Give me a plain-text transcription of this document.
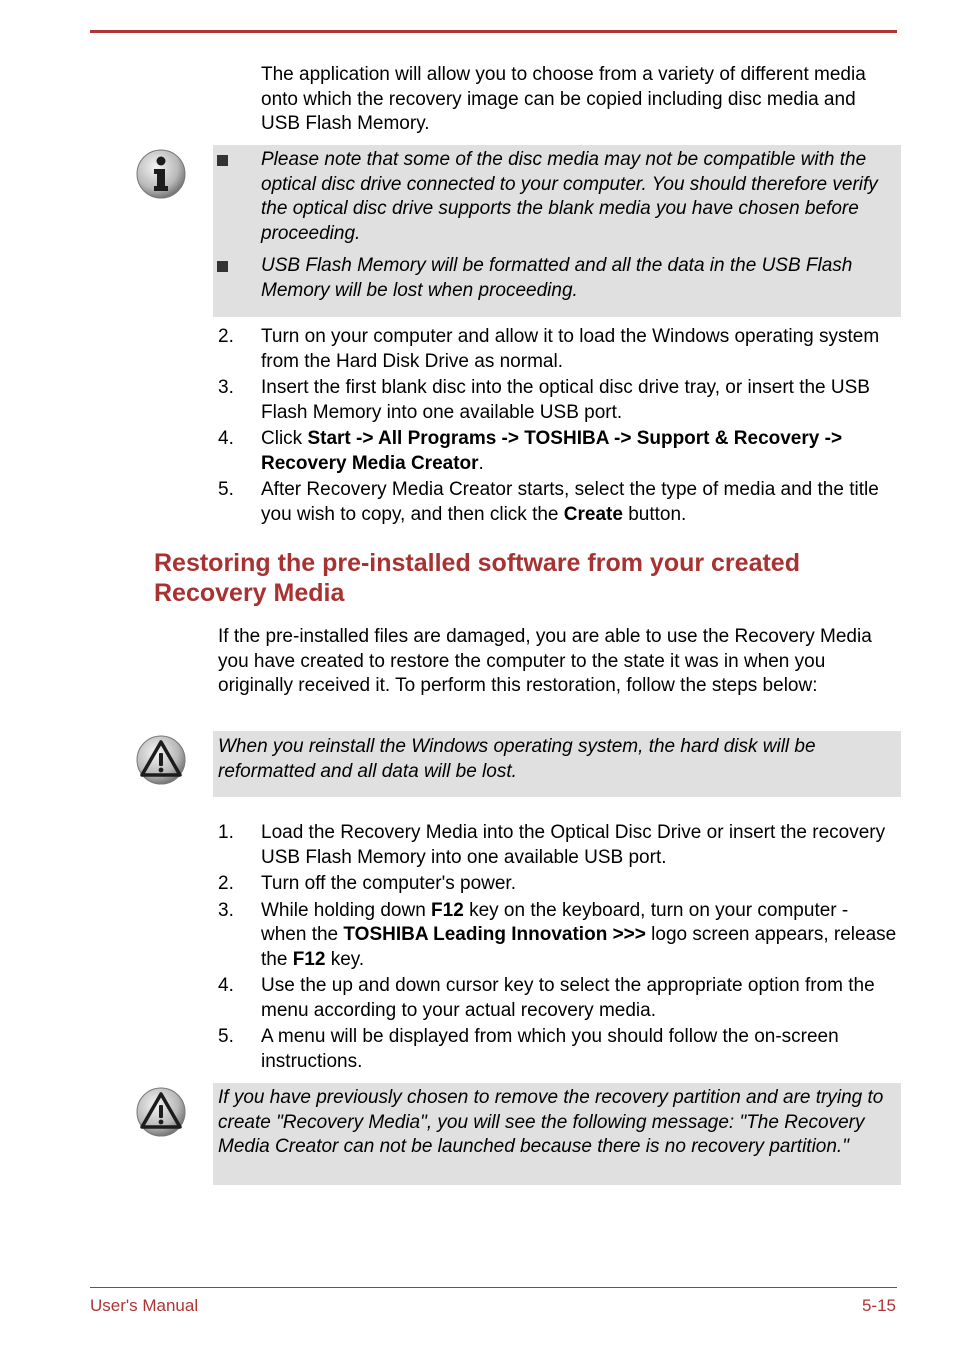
The application will allow you to choose from a variety of different media onto which the recovery image can be copied including disc media and USB Flash Memory.

Please note that some of the disc media may not be compatible with the optical disc drive connected to your computer. You should therefore verify the optical disc drive supports the blank media you have chosen before proceeding.

USB Flash Memory will be formatted and all the data in the USB Flash Memory will be lost when proceeding.

2. Turn on your computer and allow it to load the Windows operating system from the Hard Disk Drive as normal.
3. Insert the first blank disc into the optical disc drive tray, or insert the USB Flash Memory into one available USB port.
4. Click Start -> All Programs -> TOSHIBA -> Support & Recovery -> Recovery Media Creator.
5. After Recovery Media Creator starts, select the type of media and the title you wish to copy, and then click the Create button.
Restoring the pre-installed software from your created Recovery Media

If the pre-installed files are damaged, you are able to use the Recovery Media you have created to restore the computer to the state it was in when you originally received it. To perform this restoration, follow the steps below:

When you reinstall the Windows operating system, the hard disk will be reformatted and all data will be lost.

1. Load the Recovery Media into the Optical Disc Drive or insert the recovery USB Flash Memory into one available USB port.
2. Turn off the computer's power.
3. While holding down F12 key on the keyboard, turn on your computer - when the TOSHIBA Leading Innovation >>> logo screen appears, release the F12 key.
4. Use the up and down cursor key to select the appropriate option from the menu according to your actual recovery media.
5. A menu will be displayed from which you should follow the on-screen instructions.

If you have previously chosen to remove the recovery partition and are trying to create "Recovery Media", you will see the following message: "The Recovery Media Creator can not be launched because there is no recovery partition."

User's Manual	5-15
